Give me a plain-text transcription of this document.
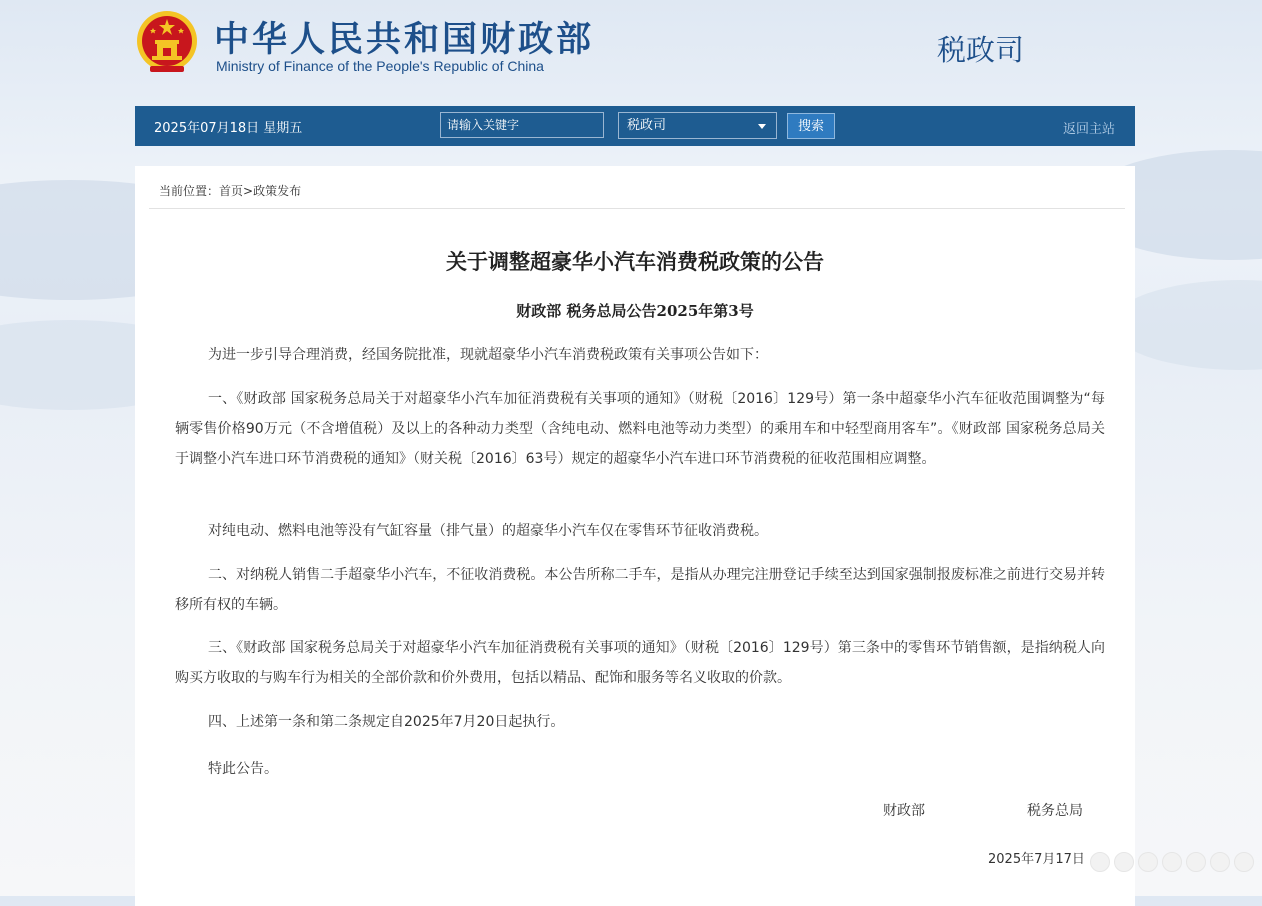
中华人民共和国财政部
Ministry of Finance of the People's Republic of China	税政司
2025年07月18日 星期五
请输入关键字	税政司	搜索	返回主站
当前位置：首页>政策发布
关于调整超豪华小汽车消费税政策的公告
财政部 税务总局公告2025年第3号
为进一步引导合理消费，经国务院批准，现就超豪华小汽车消费税政策有关事项公告如下：
一、《财政部 国家税务总局关于对超豪华小汽车加征消费税有关事项的通知》（财税〔2016〕129号）第一条中超豪华小汽车征收范围调整为“每辆零售价格90万元（不含增值税）及以上的各种动力类型（含纯电动、燃料电池等动力类型）的乘用车和中轻型商用客车”。《财政部 国家税务总局关于调整小汽车进口环节消费税的通知》（财关税〔2016〕63号）规定的超豪华小汽车进口环节消费税的征收范围相应调整。
对纯电动、燃料电池等没有气缸容量（排气量）的超豪华小汽车仅在零售环节征收消费税。
二、对纳税人销售二手超豪华小汽车，不征收消费税。本公告所称二手车，是指从办理完注册登记手续至达到国家强制报废标准之前进行交易并转移所有权的车辆。
三、《财政部 国家税务总局关于对超豪华小汽车加征消费税有关事项的通知》（财税〔2016〕129号）第三条中的零售环节销售额，是指纳税人向购买方收取的与购车行为相关的全部价款和价外费用，包括以精品、配饰和服务等名义收取的价款。
四、上述第一条和第二条规定自2025年7月20日起执行。
特此公告。
财政部	税务总局
2025年7月17日
